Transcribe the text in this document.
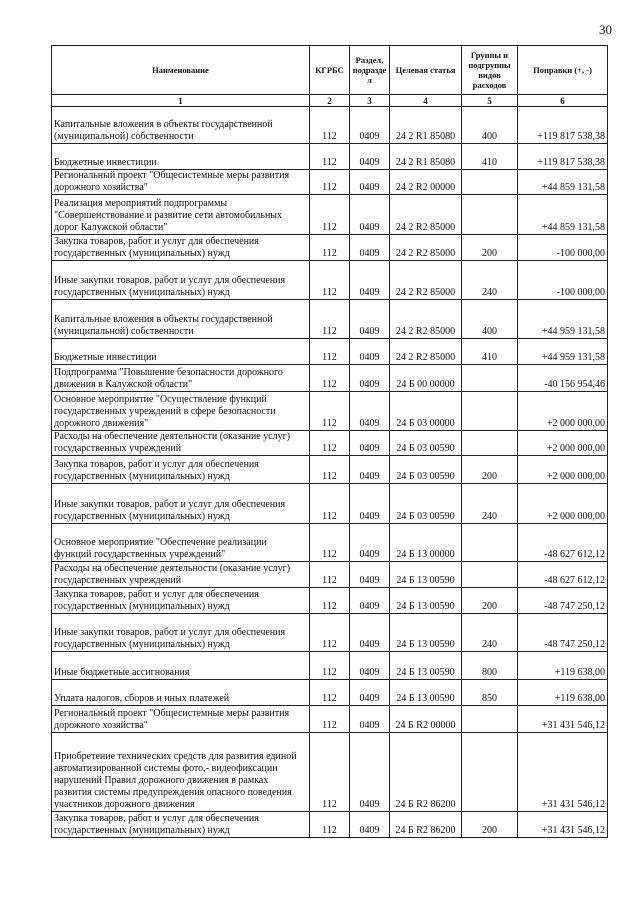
30
Наименование	КГРБС	Раздел, подразде л	Целевая статья	Группы и подгруппы видов расходов	Поправки (+, -)
1	2	3	4	5	6
Капитальные вложения в объекты государственной
(муниципальной) собственности	112	0409	24 2 R1 85080	400	+119 817 538,38
Бюджетные инвестиции	112	0409	24 2 R1 85080	410	+119 817 538,38
Региональный проект "Общесистемные меры развития
дорожного хозяйства"	112	0409	24 2 R2 00000		+44 859 131,58
Реализация мероприятий подпрограммы
"Совершенствование и развитие сети автомобильных
дорог Калужской области"	112	0409	24 2 R2 85000		+44 859 131,58
Закупка товаров, работ и услуг для обеспечения
государственных (муниципальных) нужд	112	0409	24 2 R2 85000	200	-100 000,00
Иные закупки товаров, работ и услуг для обеспечения
государственных (муниципальных) нужд	112	0409	24 2 R2 85000	240	-100 000,00
Капитальные вложения в объекты государственной
(муниципальной) собственности	112	0409	24 2 R2 85000	400	+44 959 131,58
Бюджетные инвестиции	112	0409	24 2 R2 85000	410	+44 959 131,58
Подпрограмма "Повышение безопасности дорожного
движения в Калужской области"	112	0409	24 Б 00 00000		-40 156 954,46
Основное мероприятие "Осуществление функций
государственных учреждений в сфере безопасности
дорожного движения"	112	0409	24 Б 03 00000		+2 000 000,00
Расходы на обеспечение деятельности (оказание услуг)
государственных учреждений	112	0409	24 Б 03 00590		+2 000 000,00
Закупка товаров, работ и услуг для обеспечения
государственных (муниципальных) нужд	112	0409	24 Б 03 00590	200	+2 000 000,00
Иные закупки товаров, работ и услуг для обеспечения
государственных (муниципальных) нужд	112	0409	24 Б 03 00590	240	+2 000 000,00
Основное мероприятие "Обеспечение реализации
функций государственных учреждений"	112	0409	24 Б 13 00000		-48 627 612,12
Расходы на обеспечение деятельности (оказание услуг)
государственных учреждений	112	0409	24 Б 13 00590		-48 627 612,12
Закупка товаров, работ и услуг для обеспечения
государственных (муниципальных) нужд	112	0409	24 Б 13 00590	200	-48 747 250,12
Иные закупки товаров, работ и услуг для обеспечения
государственных (муниципальных) нужд	112	0409	24 Б 13 00590	240	-48 747 250,12
Иные бюджетные ассигнования	112	0409	24 Б 13 00590	800	+119 638,00
Уплата налогов, сборов и иных платежей	112	0409	24 Б 13 00590	850	+119 638,00
Региональный проект "Общесистемные меры развития
дорожного хозяйства"	112	0409	24 Б R2 00000		+31 431 546,12
Приобретение технических средств для развития единой
автоматизированной системы фото,- видеофиксации
нарушений Правил дорожного движения в рамках
развития системы предупреждения опасного поведения
участников дорожного движения	112	0409	24 Б R2 86200		+31 431 546,12
Закупка товаров, работ и услуг для обеспечения
государственных (муниципальных) нужд	112	0409	24 Б R2 86200	200	+31 431 546,12
